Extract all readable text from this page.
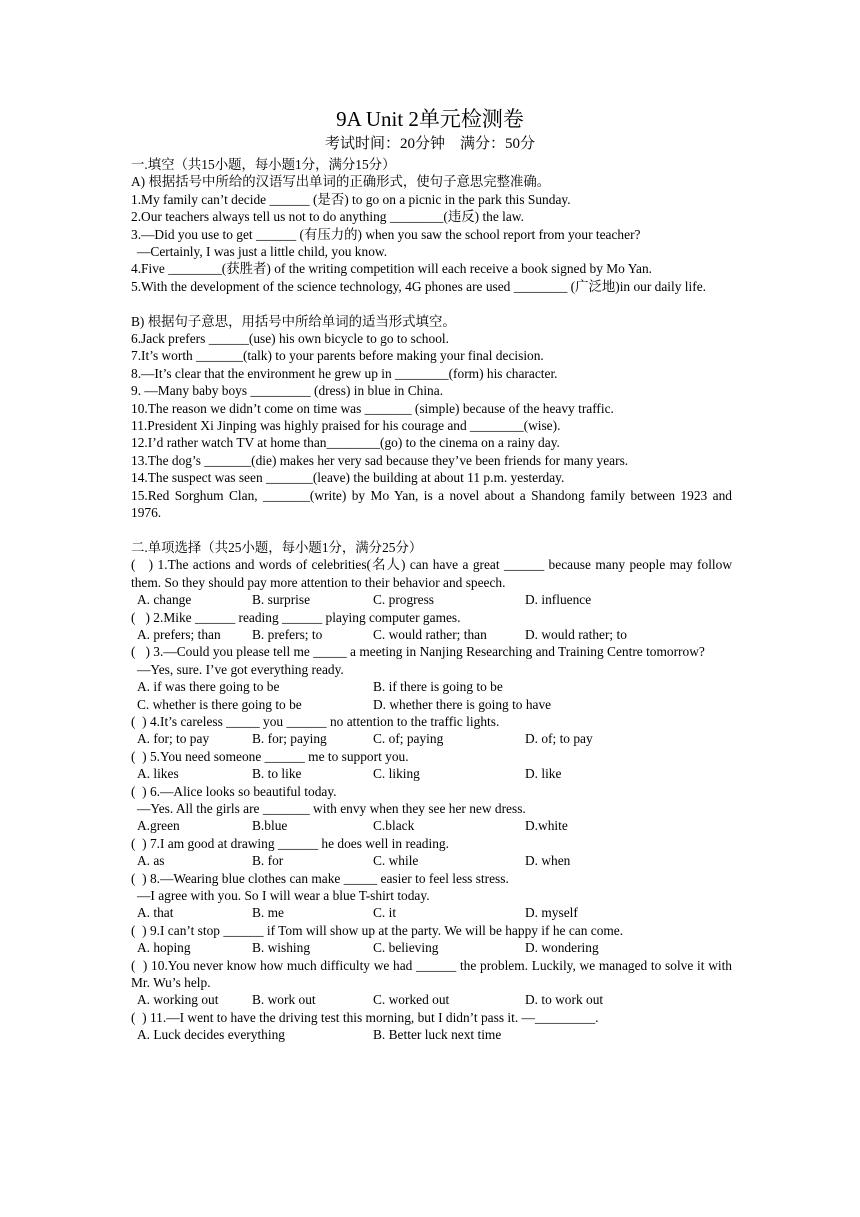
9A Unit 2单元检测卷
考试时间：20分钟　满分：50分
一.填空（共15小题，每小题1分，满分15分）
A) 根据括号中所给的汉语写出单词的正确形式，使句子意思完整准确。
1.My family can’t decide ______ (是否) to go on a picnic in the park this Sunday.
2.Our teachers always tell us not to do anything ________(违反) the law.
3.—Did you use to get ______ (有压力的) when you saw the school report from your teacher?
—Certainly, I was just a little child, you know.
4.Five ________(获胜者) of the writing competition will each receive a book signed by Mo Yan.
5.With the development of the science technology, 4G phones are used ________ (广泛地)in our daily life.
B) 根据句子意思，用括号中所给单词的适当形式填空。
6.Jack prefers ______(use) his own bicycle to go to school.
7.It’s worth _______(talk) to your parents before making your final decision.
8.—It’s clear that the environment he grew up in ________(form) his character.
9. —Many baby boys _________ (dress) in blue in China.
10.The reason we didn’t come on time was _______ (simple) because of the heavy traffic.
11.President Xi Jinping was highly praised for his courage and ________(wise).
12.I’d rather watch TV at home than________(go) to the cinema on a rainy day.
13.The dog’s _______(die) makes her very sad because they’ve been friends for many years.
14.The suspect was seen _______(leave) the building at about 11 p.m. yesterday.
15.Red Sorghum Clan, _______(write) by Mo Yan, is a novel about a Shandong family between 1923 and 1976.
二.单项选择（共25小题，每小题1分，满分25分）
(   ) 1.The actions and words of celebrities(名人) can have a great ______ because many people may follow them. So they should pay more attention to their behavior and speech.
A. change	B. surprise	C. progress	D. influence
(   ) 2.Mike ______ reading ______ playing computer games.
A. prefers; than B. prefers; to	C. would rather; than	D. would rather; to
(   ) 3.—Could you please tell me _____ a meeting in Nanjing Researching and Training Centre tomorrow?
—Yes, sure. I’ve got everything ready.
A. if was there going to be	B. if there is going to be
C. whether is there going to be	D. whether there is going to have
(  ) 4.It’s careless _____ you ______ no attention to the traffic lights.
A. for; to pay	B. for; paying	C. of; paying	D. of; to pay
(  ) 5.You need someone ______ me to support you.
A. likes	B. to like	C. liking	D. like
(  ) 6.—Alice looks so beautiful today.
—Yes. All the girls are _______ with envy when they see her new dress.
A.green	B.blue	C.black	D.white
(  ) 7.I am good at drawing ______ he does well in reading.
A. as	B. for	C. while	D. when
(  ) 8.—Wearing blue clothes can make _____ easier to feel less stress.
—I agree with you. So I will wear a blue T-shirt today.
A. that	B. me	C. it	D. myself
(  ) 9.I can’t stop ______ if Tom will show up at the party. We will be happy if he can come.
A. hoping	B. wishing	C. believing	D. wondering
(  ) 10.You never know how much difficulty we had ______ the problem. Luckily, we managed to solve it with Mr. Wu’s help.
A. working out	B. work out	C. worked out	D. to work out
(  ) 11.—I went to have the driving test this morning, but I didn’t pass it. —_________.
A. Luck decides everything	B. Better luck next time
